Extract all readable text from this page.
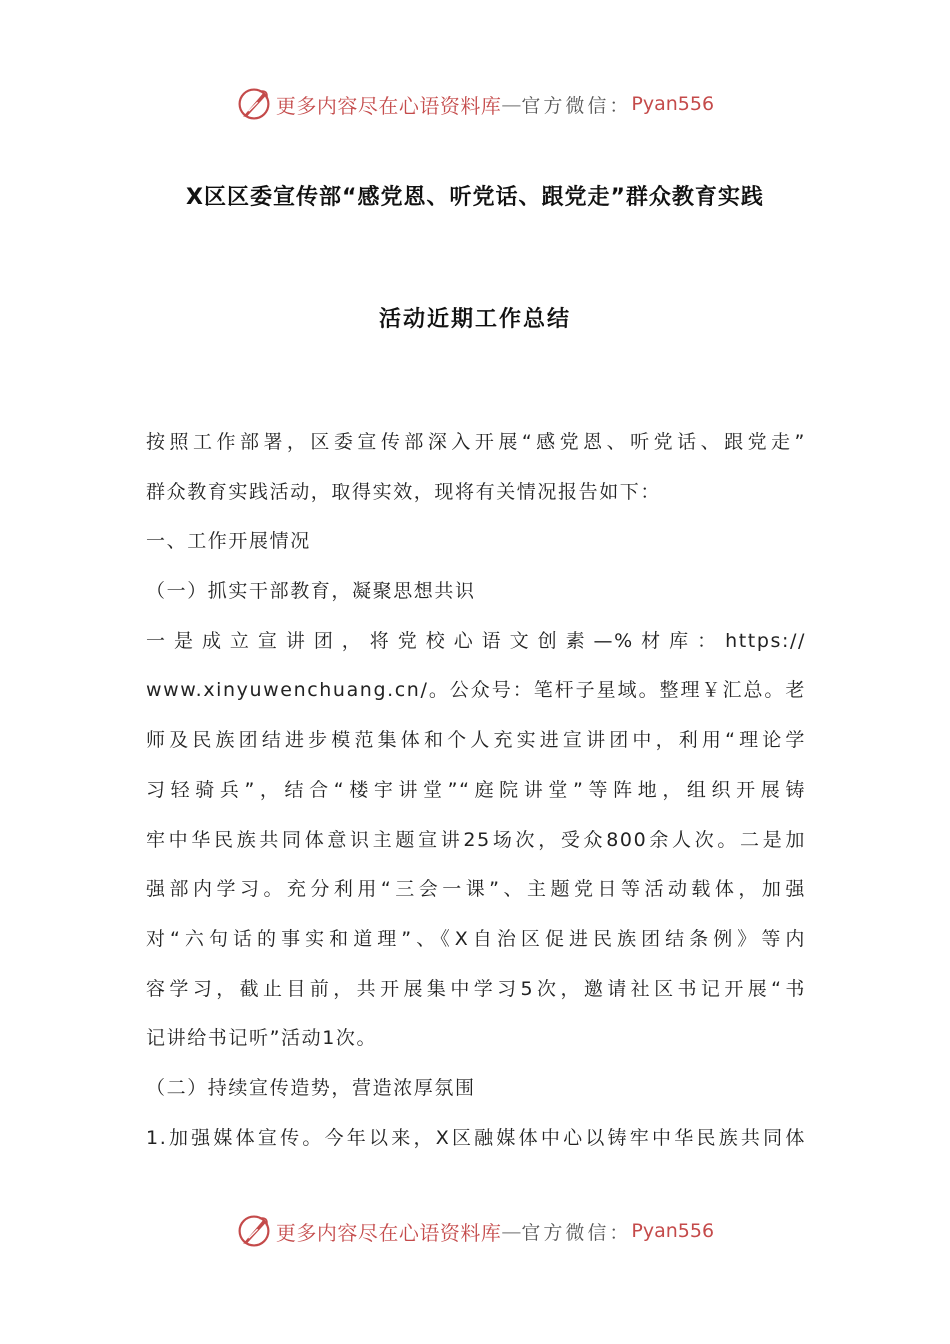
更多内容尽在心语资料库 — 官方微信： Pyan556
X区区委宣传部“感党恩、听党话、跟党走”群众教育实践
活动近期工作总结
按照工作部署，区委宣传部深入开展“感党恩、听党话、跟党走”
群众教育实践活动，取得实效，现将有关情况报告如下：
一、工作开展情况
（一）抓实干部教育，凝聚思想共识
一是成立宣讲团，将党校心语文创素—%材库：https://
www.xinyuwenchuang.cn/。公众号：笔杆子星域。整理￥汇总。老
师及民族团结进步模范集体和个人充实进宣讲团中，利用“理论学
习轻骑兵”，结合“楼宇讲堂”“庭院讲堂”等阵地，组织开展铸
牢中华民族共同体意识主题宣讲25场次，受众800余人次。二是加
强部内学习。充分利用“三会一课”、主题党日等活动载体，加强
对“六句话的事实和道理”、《X自治区促进民族团结条例》等内
容学习，截止目前，共开展集中学习5次，邀请社区书记开展“书
记讲给书记听”活动1次。
（二）持续宣传造势，营造浓厚氛围
1.加强媒体宣传。今年以来，X区融媒体中心以铸牢中华民族共同体
更多内容尽在心语资料库 — 官方微信： Pyan556
